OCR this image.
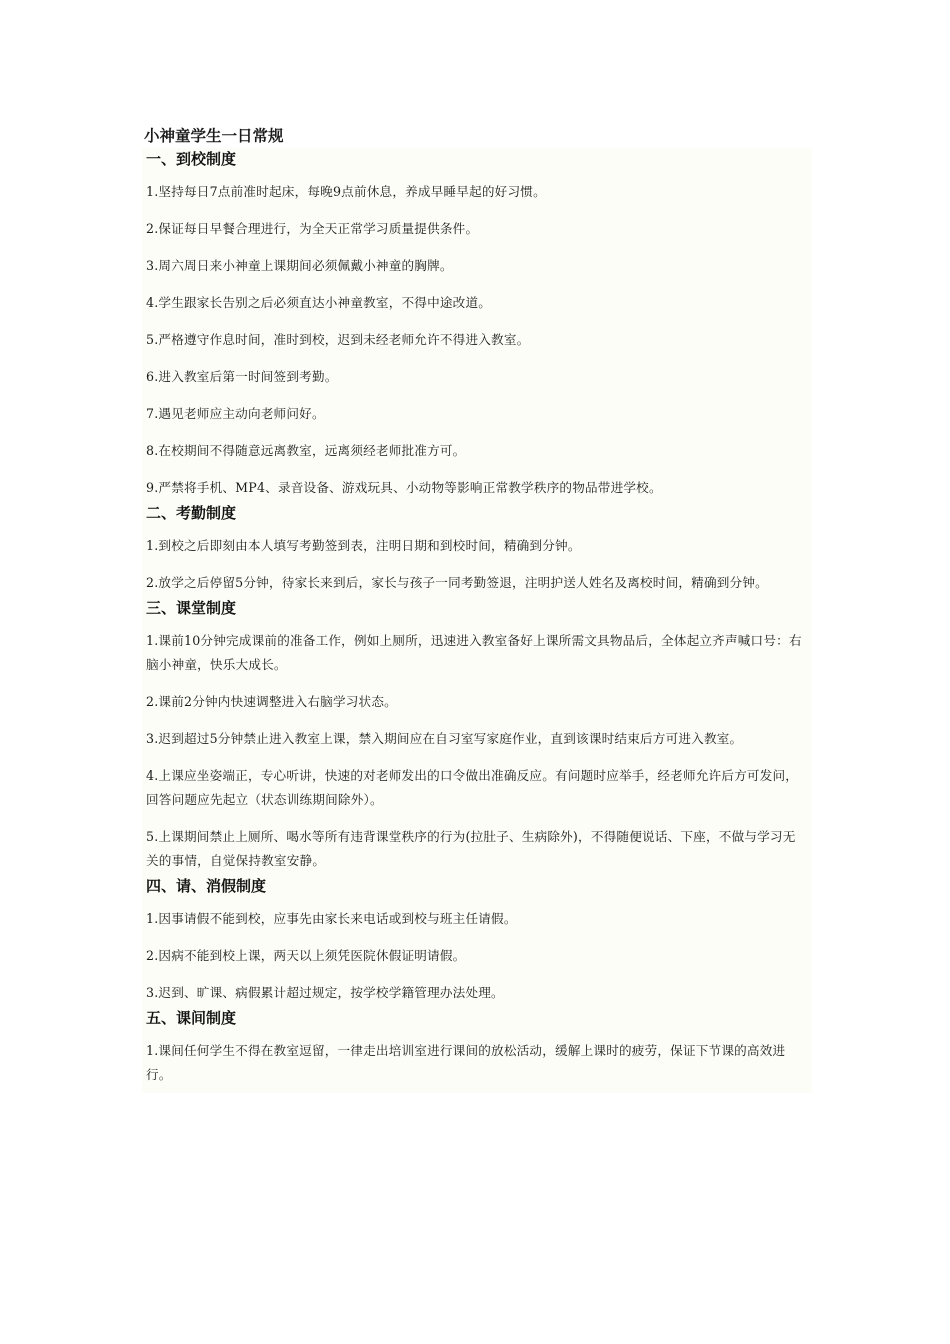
小神童学生一日常规
一、到校制度

1.坚持每日7点前准时起床，每晚9点前休息，养成早睡早起的好习惯。

2.保证每日早餐合理进行，为全天正常学习质量提供条件。

3.周六周日来小神童上课期间必须佩戴小神童的胸牌。

4.学生跟家长告别之后必须直达小神童教室，不得中途改道。

5.严格遵守作息时间，准时到校，迟到未经老师允许不得进入教室。

6.进入教室后第一时间签到考勤。

7.遇见老师应主动向老师问好。

8.在校期间不得随意远离教室，远离须经老师批准方可。

9.严禁将手机、MP4、录音设备、游戏玩具、小动物等影响正常教学秩序的物品带进学校。

二、考勤制度

1.到校之后即刻由本人填写考勤签到表，注明日期和到校时间，精确到分钟。

2.放学之后停留5分钟，待家长来到后，家长与孩子一同考勤签退，注明护送人姓名及离校时间，精确到分钟。

三、课堂制度

1.课前10分钟完成课前的准备工作，例如上厕所，迅速进入教室备好上课所需文具物品后，全体起立齐声喊口号：右脑小神童，快乐大成长。

2.课前2分钟内快速调整进入右脑学习状态。

3.迟到超过5分钟禁止进入教室上课，禁入期间应在自习室写家庭作业，直到该课时结束后方可进入教室。

4.上课应坐姿端正，专心听讲，快速的对老师发出的口令做出准确反应。有问题时应举手，经老师允许后方可发问，回答问题应先起立（状态训练期间除外）。

5.上课期间禁止上厕所、喝水等所有违背课堂秩序的行为(拉肚子、生病除外)，不得随便说话、下座，不做与学习无关的事情，自觉保持教室安静。

四、请、消假制度

1.因事请假不能到校，应事先由家长来电话或到校与班主任请假。

2.因病不能到校上课，两天以上须凭医院休假证明请假。

3.迟到、旷课、病假累计超过规定，按学校学籍管理办法处理。

五、课间制度

1.课间任何学生不得在教室逗留，一律走出培训室进行课间的放松活动，缓解上课时的疲劳，保证下节课的高效进行。
